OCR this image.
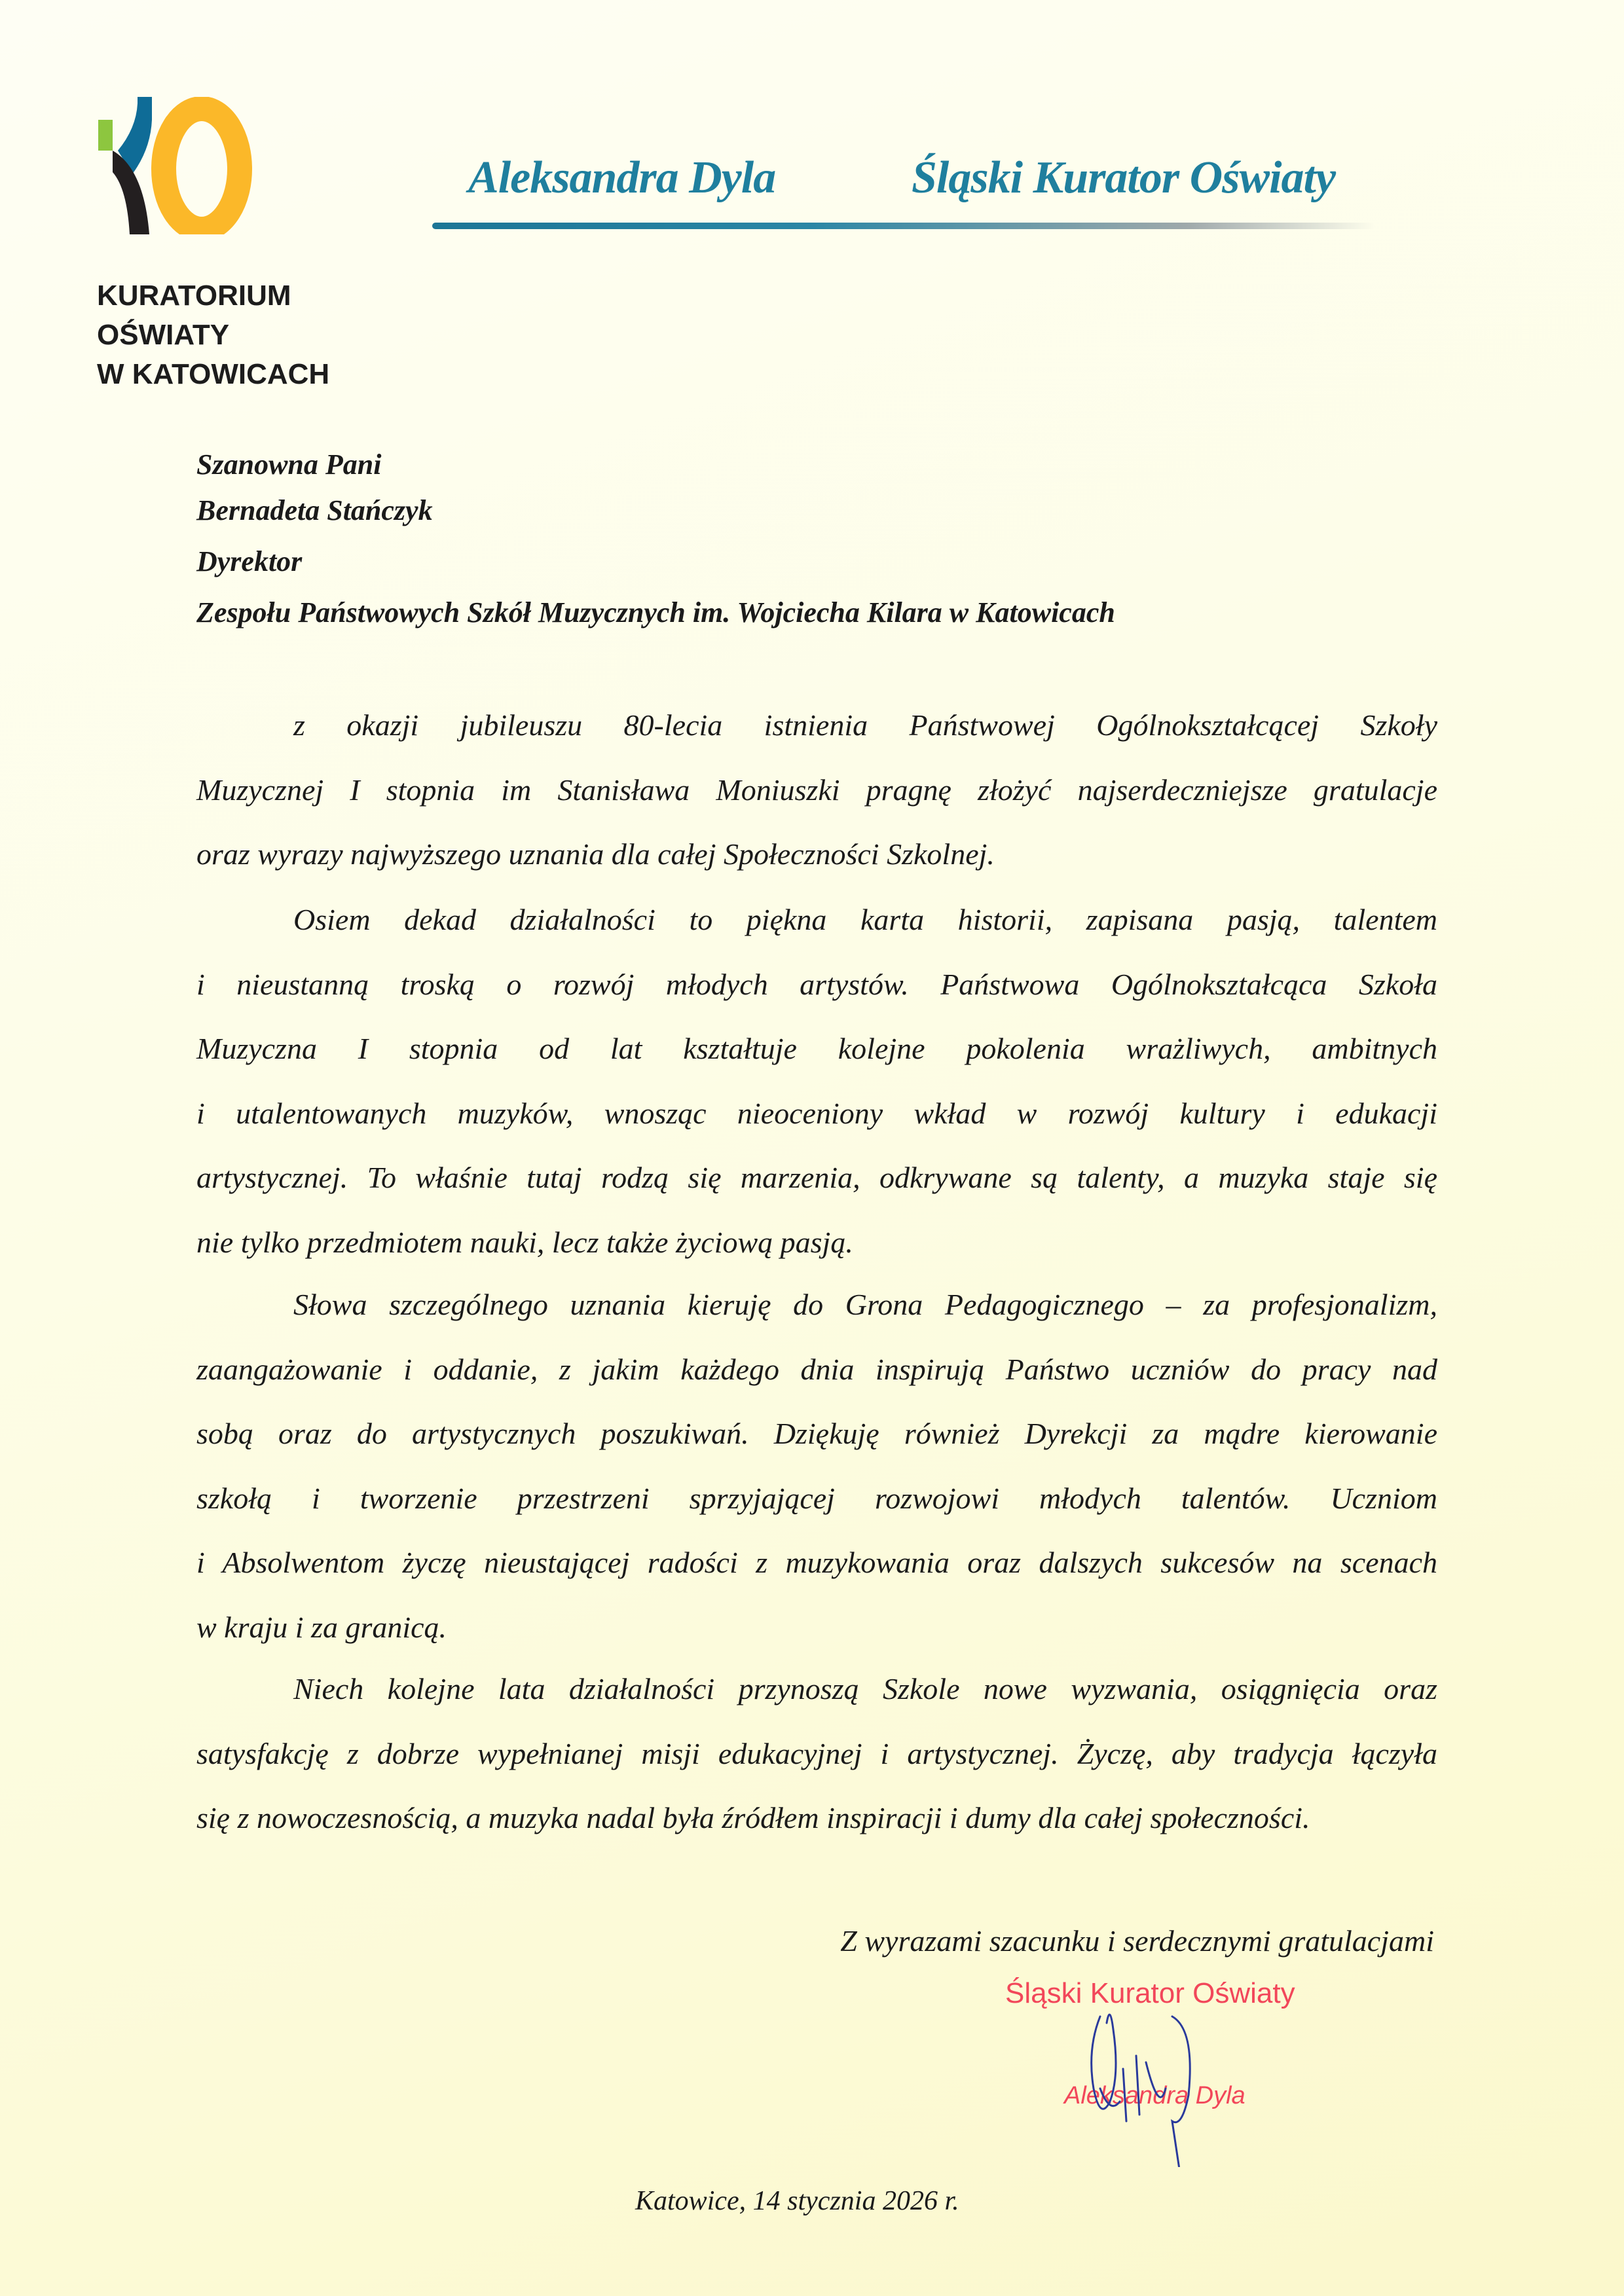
Aleksandra Dyla	Śląski Kurator Oświaty
KURATORIUM
OŚWIATY
W KATOWICACH
Szanowna Pani
Bernadeta Stańczyk
Dyrektor
Zespołu Państwowych Szkół Muzycznych im. Wojciecha Kilara w Katowicach
z okazji jubileuszu 80-lecia istnienia Państwowej Ogólnokształcącej Szkoły
Muzycznej I stopnia im Stanisława Moniuszki pragnę złożyć najserdeczniejsze gratulacje
oraz wyrazy najwyższego uznania dla całej Społeczności Szkolnej.
Osiem dekad działalności to piękna karta historii, zapisana pasją, talentem
i nieustanną troską o rozwój młodych artystów. Państwowa Ogólnokształcąca Szkoła
Muzyczna I stopnia od lat kształtuje kolejne pokolenia wrażliwych, ambitnych
i utalentowanych muzyków, wnosząc nieoceniony wkład w rozwój kultury i edukacji
artystycznej. To właśnie tutaj rodzą się marzenia, odkrywane są talenty, a muzyka staje się
nie tylko przedmiotem nauki, lecz także życiową pasją.
Słowa szczególnego uznania kieruję do Grona Pedagogicznego – za profesjonalizm,
zaangażowanie i oddanie, z jakim każdego dnia inspirują Państwo uczniów do pracy nad
sobą oraz do artystycznych poszukiwań. Dziękuję również Dyrekcji za mądre kierowanie
szkołą i tworzenie przestrzeni sprzyjającej rozwojowi młodych talentów. Uczniom
i Absolwentom życzę nieustającej radości z muzykowania oraz dalszych sukcesów na scenach
w kraju i za granicą.
Niech kolejne lata działalności przynoszą Szkole nowe wyzwania, osiągnięcia oraz
satysfakcję z dobrze wypełnianej misji edukacyjnej i artystycznej. Życzę, aby tradycja łączyła
się z nowoczesnością, a muzyka nadal była źródłem inspiracji i dumy dla całej społeczności.
Z wyrazami szacunku i serdecznymi gratulacjami
Śląski Kurator Oświaty
Aleksandra Dyla
Katowice, 14 stycznia 2026 r.
